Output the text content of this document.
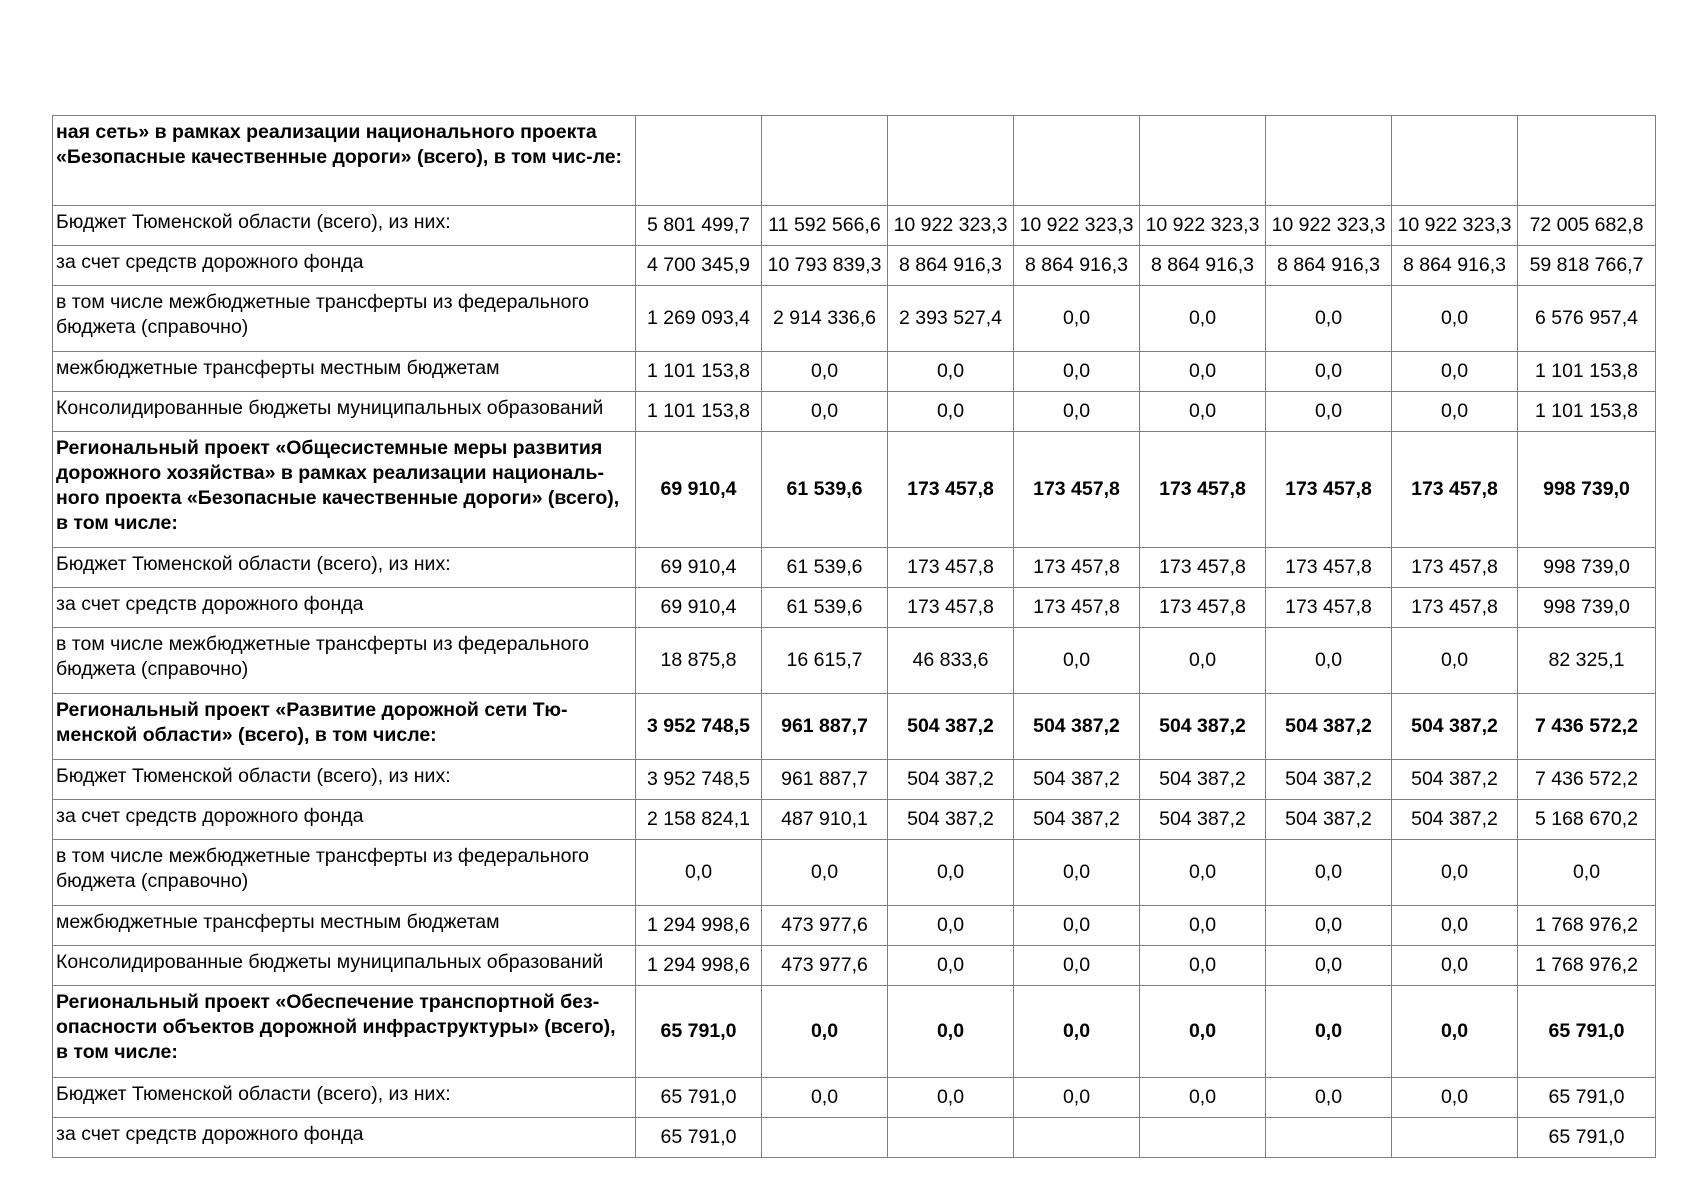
ная сеть» в рамках реализации национального проекта «Безопасные качественные дороги» (всего), в том чис-ле:								
Бюджет Тюменской области (всего), из них:	5 801 499,7	11 592 566,6	10 922 323,3	10 922 323,3	10 922 323,3	10 922 323,3	10 922 323,3	72 005 682,8
за счет средств дорожного фонда	4 700 345,9	10 793 839,3	8 864 916,3	8 864 916,3	8 864 916,3	8 864 916,3	8 864 916,3	59 818 766,7
в том числе межбюджетные трансферты из федерального бюджета (справочно)	1 269 093,4	2 914 336,6	2 393 527,4	0,0	0,0	0,0	0,0	6 576 957,4
межбюджетные трансферты местным бюджетам	1 101 153,8	0,0	0,0	0,0	0,0	0,0	0,0	1 101 153,8
Консолидированные бюджеты муниципальных образований	1 101 153,8	0,0	0,0	0,0	0,0	0,0	0,0	1 101 153,8
Региональный проект «Общесистемные меры развития дорожного хозяйства» в рамках реализации националь-ного проекта «Безопасные качественные дороги» (всего), в том числе:	69 910,4	61 539,6	173 457,8	173 457,8	173 457,8	173 457,8	173 457,8	998 739,0
Бюджет Тюменской области (всего), из них:	69 910,4	61 539,6	173 457,8	173 457,8	173 457,8	173 457,8	173 457,8	998 739,0
за счет средств дорожного фонда	69 910,4	61 539,6	173 457,8	173 457,8	173 457,8	173 457,8	173 457,8	998 739,0
в том числе межбюджетные трансферты из федерального бюджета (справочно)	18 875,8	16 615,7	46 833,6	0,0	0,0	0,0	0,0	82 325,1
Региональный проект «Развитие дорожной сети Тю-менской области» (всего), в том числе:	3 952 748,5	961 887,7	504 387,2	504 387,2	504 387,2	504 387,2	504 387,2	7 436 572,2
Бюджет Тюменской области (всего), из них:	3 952 748,5	961 887,7	504 387,2	504 387,2	504 387,2	504 387,2	504 387,2	7 436 572,2
за счет средств дорожного фонда	2 158 824,1	487 910,1	504 387,2	504 387,2	504 387,2	504 387,2	504 387,2	5 168 670,2
в том числе межбюджетные трансферты из федерального бюджета (справочно)	0,0	0,0	0,0	0,0	0,0	0,0	0,0	0,0
межбюджетные трансферты местным бюджетам	1 294 998,6	473 977,6	0,0	0,0	0,0	0,0	0,0	1 768 976,2
Консолидированные бюджеты муниципальных образований	1 294 998,6	473 977,6	0,0	0,0	0,0	0,0	0,0	1 768 976,2
Региональный проект «Обеспечение транспортной без-опасности объектов дорожной инфраструктуры» (всего), в том числе:	65 791,0	0,0	0,0	0,0	0,0	0,0	0,0	65 791,0
Бюджет Тюменской области (всего), из них:	65 791,0	0,0	0,0	0,0	0,0	0,0	0,0	65 791,0
за счет средств дорожного фонда	65 791,0							65 791,0
